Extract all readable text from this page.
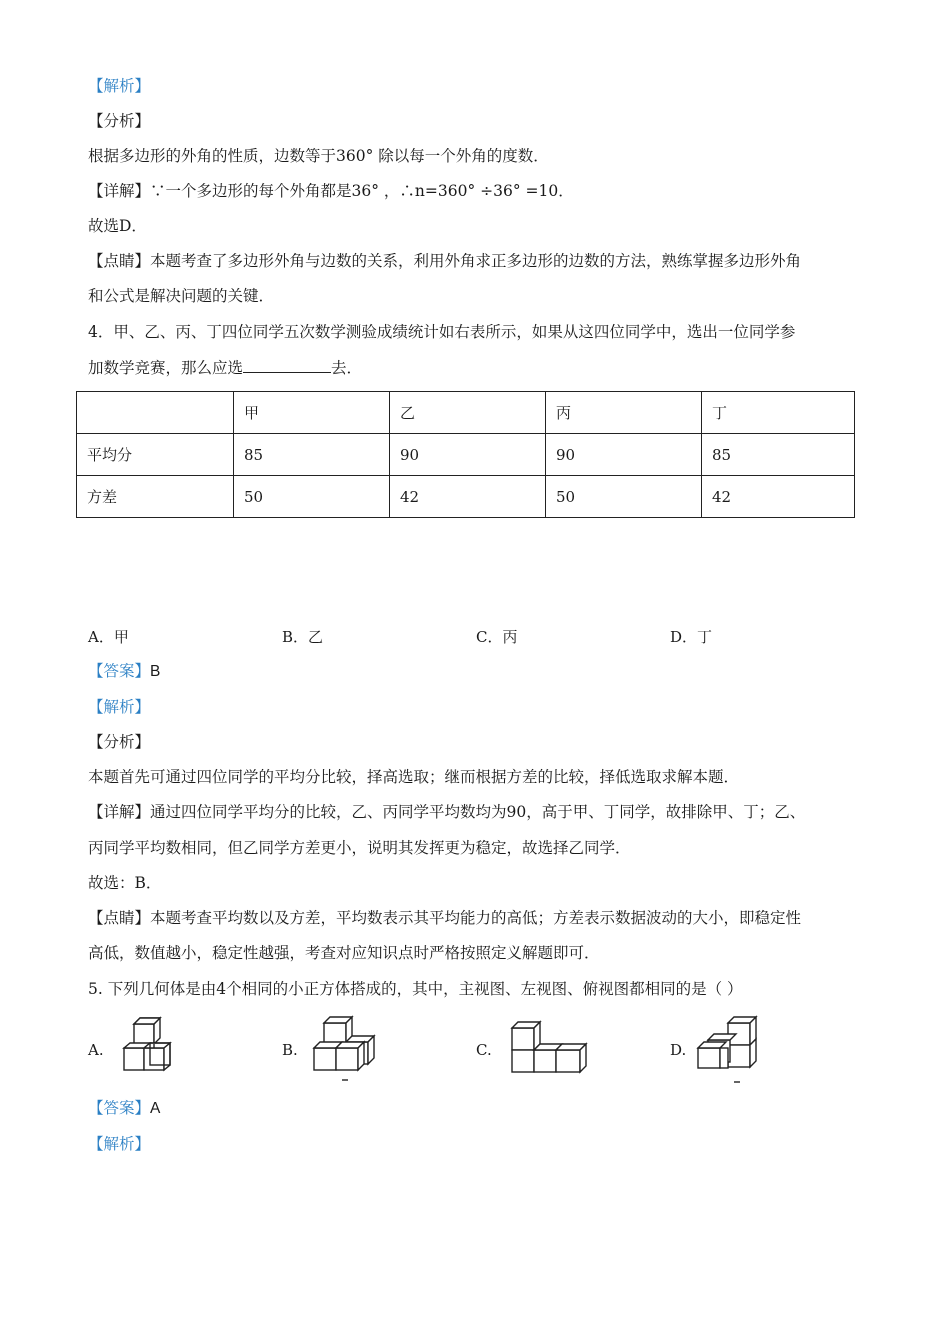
【解析】
【分析】
根据多边形的外角的性质，边数等于360° 除以每一个外角的度数．
【详解】∵一个多边形的每个外角都是36° ，∴n=360° ÷36° =10．
故选D．
【点睛】本题考查了多边形外角与边数的关系，利用外角求正多边形的边数的方法，熟练掌握多边形外角
和公式是解决问题的关键．
4．甲、乙、丙、丁四位同学五次数学测验成绩统计如右表所示，如果从这四位同学中，选出一位同学参
加数学竞赛，那么应选	去．
	甲	乙	丙	丁
平均分	85	90	90	85
方差	50	42	50	42
A．甲	B．乙	C．丙	D．丁
【答案】B
【解析】
【分析】
本题首先可通过四位同学的平均分比较，择高选取；继而根据方差的比较，择低选取求解本题．
【详解】通过四位同学平均分的比较，乙、丙同学平均数均为90，高于甲、丁同学，故排除甲、丁；乙、
丙同学平均数相同，但乙同学方差更小，说明其发挥更为稳定，故选择乙同学．
故选：B．
【点睛】本题考查平均数以及方差，平均数表示其平均能力的高低；方差表示数据波动的大小，即稳定性
高低，数值越小，稳定性越强，考查对应知识点时严格按照定义解题即可．
5. 下列几何体是由4个相同的小正方体搭成的，其中，主视图、左视图、俯视图都相同的是（ ）
A.	B.	C.	D.
【答案】A
【解析】
